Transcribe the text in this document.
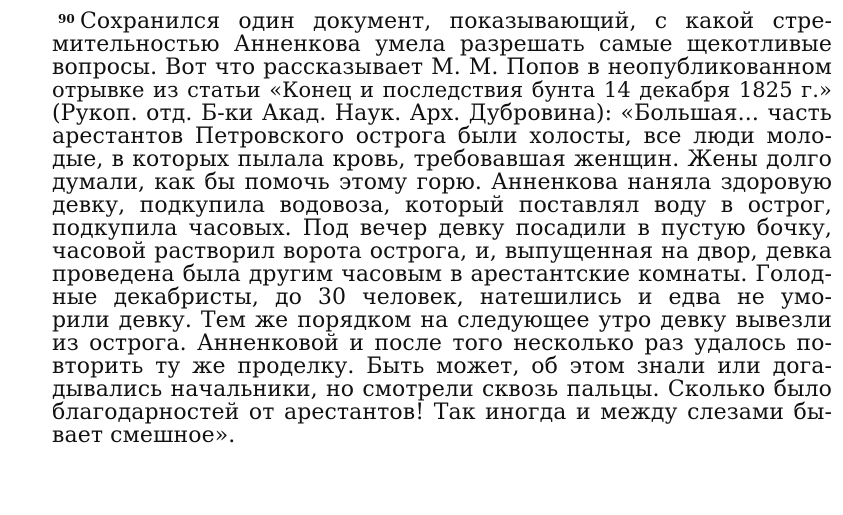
90 Сохранился один документ, показывающий, с какой стре-
мительностью Анненкова умела разрешать самые щекотливые
вопросы. Вот что рассказывает М. М. Попов в неопубликованном
отрывке из статьи «Конец и последствия бунта 14 декабря 1825 г.»
(Рукоп. отд. Б-ки Акад. Наук. Арх. Дубровина): «Большая... часть
арестантов Петровского острога были холосты, все люди моло-
дые, в которых пылала кровь, требовавшая женщин. Жены долго
думали, как бы помочь этому горю. Анненкова наняла здоровую
девку, подкупила водовоза, который поставлял воду в острог,
подкупила часовых. Под вечер девку посадили в пустую бочку,
часовой растворил ворота острога, и, выпущенная на двор, девка
проведена была другим часовым в арестантские комнаты. Голод-
ные декабристы, до 30 человек, натешились и едва не умо-
рили девку. Тем же порядком на следующее утро девку вывезли
из острога. Анненковой и после того несколько раз удалось по-
вторить ту же проделку. Быть может, об этом знали или дога-
дывались начальники, но смотрели сквозь пальцы. Сколько было
благодарностей от арестантов! Так иногда и между слезами бы-
вает смешное».
